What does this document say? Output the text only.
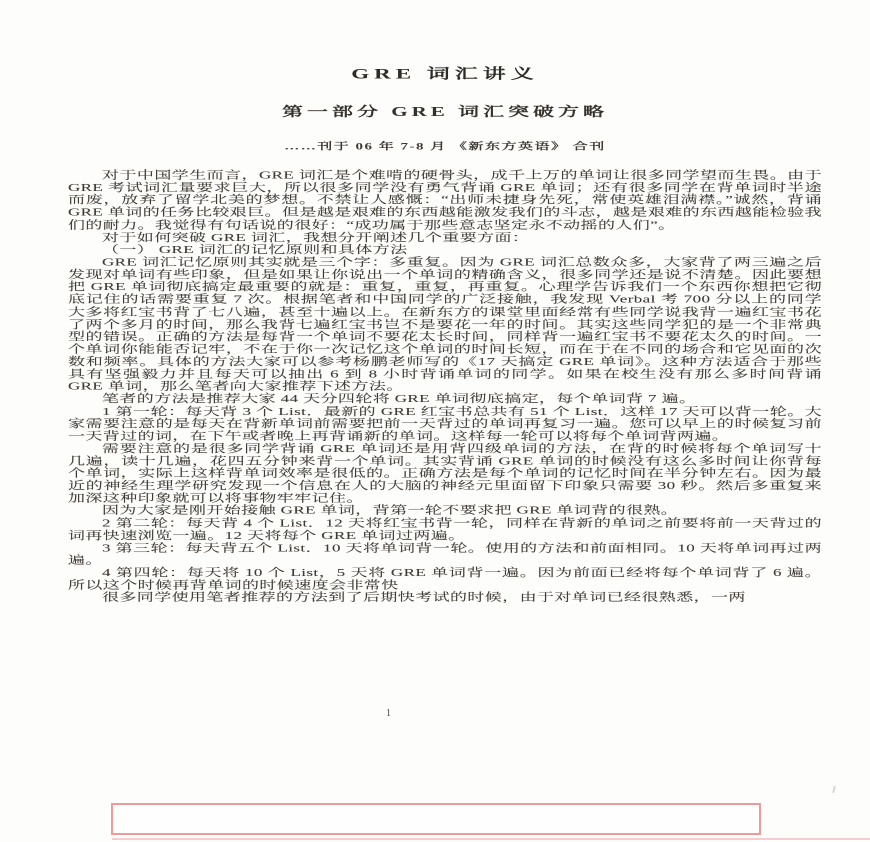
GRE 词汇讲义
第一部分 GRE 词汇突破方略
……刊于 06 年 7-8 月 《新东方英语》 合刊

对于中国学生而言，GRE 词汇是个难啃的硬骨头，成千上万的单词让很多同学望而生畏。由于 GRE 考试词汇量要求巨大，所以很多同学没有勇气背诵 GRE 单词；还有很多同学在背单词时半途而废，放弃了留学北美的梦想。不禁让人感慨：“出师未捷身先死，常使英雄泪满襟。”诚然，背诵 GRE 单词的任务比较艰巨。但是越是艰难的东西越能激发我们的斗志，越是艰难的东西越能检验我们的耐力。我觉得有句话说的很好：“成功属于那些意志坚定永不动摇的人们”。

对于如何突破 GRE 词汇，我想分开阐述几个重要方面：

（一） GRE 词汇的记忆原则和具体方法

GRE 词汇记忆原则其实就是三个字：多重复。因为 GRE 词汇总数众多，大家背了两三遍之后发现对单词有些印象，但是如果让你说出一个单词的精确含义，很多同学还是说不清楚。因此要想把 GRE 单词彻底搞定最重要的就是：重复，重复，再重复。心理学告诉我们一个东西你想把它彻底记住的话需要重复 7 次。根据笔者和中国同学的广泛接触，我发现 Verbal 考 700 分以上的同学大多将红宝书背了七八遍，甚至十遍以上。在新东方的课堂里面经常有些同学说我背一遍红宝书花了两个多月的时间，那么我背七遍红宝书岂不是要花一年的时间。其实这些同学犯的是一个非常典型的错误。正确的方法是每背一个单词不要花太长时间，同样背一遍红宝书不要花太久的时间。一个单词你能能否记牢，不在于你一次记忆这个单词的时间长短，而在于在不同的场合和它见面的次数和频率。具体的方法大家可以参考杨鹏老师写的《17 天搞定 GRE 单词》。这种方法适合于那些具有坚强毅力并且每天可以抽出 6 到 8 小时背诵单词的同学。如果在校生没有那么多时间背诵 GRE 单词，那么笔者向大家推荐下述方法。

笔者的方法是推荐大家 44 天分四轮将 GRE 单词彻底搞定，每个单词背 7 遍。

1 第一轮：每天背 3 个 List．最新的 GRE 红宝书总共有 51 个 List．这样 17 天可以背一轮。大家需要注意的是每天在背新单词前需要把前一天背过的单词再复习一遍。您可以早上的时候复习前一天背过的词，在下午或者晚上再背诵新的单词。这样每一轮可以将每个单词背两遍。

需要注意的是很多同学背诵 GRE 单词还是用背四级单词的方法，在背的时候将每个单词写十几遍，读十几遍，花四五分钟来背一个单词。其实背诵 GRE 单词的时候没有这么多时间让你背每个单词，实际上这样背单词效率是很低的。正确方法是每个单词的记忆时间在半分钟左右。因为最近的神经生理学研究发现一个信息在人的大脑的神经元里面留下印象只需要 30 秒。然后多重复来加深这种印象就可以将事物牢牢记住。

因为大家是刚开始接触 GRE 单词，背第一轮不要求把 GRE 单词背的很熟。

2 第二轮：每天背 4 个 List．12 天将红宝书背一轮，同样在背新的单词之前要将前一天背过的词再快速浏览一遍。12 天将每个 GRE 单词过两遍。

3 第三轮：每天背五个 List．10 天将单词背一轮。使用的方法和前面相同。10 天将单词再过两遍。

4 第四轮：每天将 10 个 List，5 天将 GRE 单词背一遍。因为前面已经将每个单词背了 6 遍。所以这个时候再背单词的时候速度会非常快

很多同学使用笔者推荐的方法到了后期快考试的时候，由于对单词已经很熟悉，一两

1
